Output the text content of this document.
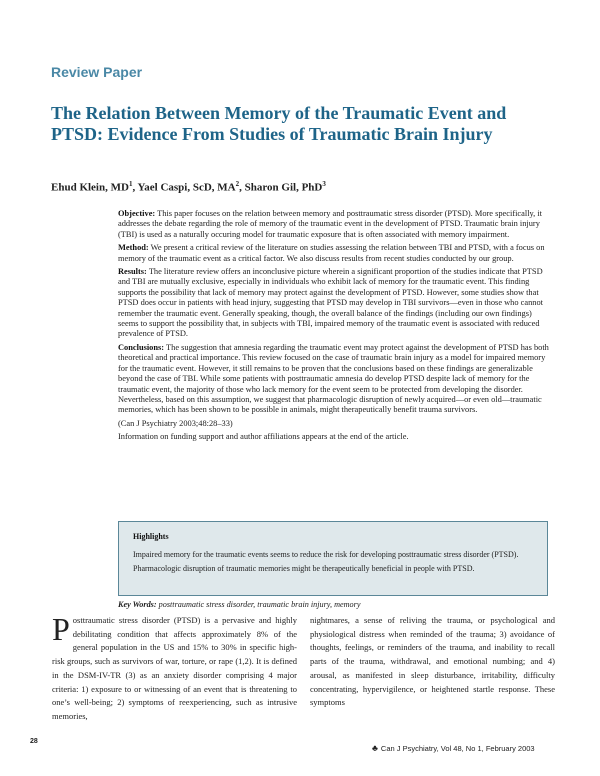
Review Paper
The Relation Between Memory of the Traumatic Event and PTSD: Evidence From Studies of Traumatic Brain Injury
Ehud Klein, $MD^1$, Yael Caspi, ScD, $MA^2$, Sharon Gil, PhD$^3$

Objective: This paper focuses on the relation between memory and posttraumatic stress disorder (PTSD). More specifically, it addresses the debate regarding the role of memory of the traumatic event in the development of PTSD. Traumatic brain injury (TBI) is used as a naturally occuring model for traumatic exposure that is often associated with memory impairment.

Method: We present a critical review of the literature on studies assessing the relation between TBI and PTSD, with a focus on memory of the traumatic event as a critical factor. We also discuss results from recent studies conducted by our group.

Results: The literature review offers an inconclusive picture wherein a significant proportion of the studies indicate that PTSD and TBI are mutually exclusive, especially in individuals who exhibit lack of memory for the traumatic event. This finding supports the possibility that lack of memory may protect against the development of PTSD. However, some studies show that PTSD does occur in patients with head injury, suggesting that PTSD may develop in TBI survivors—even in those who cannot remember the traumatic event. Generally speaking, though, the overall balance of the findings (including our own findings) seems to support the possibility that, in subjects with TBI, impaired memory of the traumatic event is associated with reduced prevalence of PTSD.

Conclusions: The suggestion that amnesia regarding the traumatic event may protect against the development of PTSD has both theoretical and practical importance. This review focused on the case of traumatic brain injury as a model for impaired memory for the traumatic event. However, it still remains to be proven that the conclusions based on these findings are generalizable beyond the case of TBI. While some patients with posttraumatic amnesia do develop PTSD despite lack of memory for the traumatic event, the majority of those who lack memory for the event seem to be protected from developing the disorder. Nevertheless, based on this assumption, we suggest that pharmacologic disruption of newly acquired—or even old—traumatic memories, which has been shown to be possible in animals, might therapeutically benefit trauma survivors.

(Can J Psychiatry 2003;48:28–33)

Information on funding support and author affiliations appears at the end of the article.

Highlights
Impaired memory for the traumatic events seems to reduce the risk for developing posttraumatic stress disorder (PTSD).
Pharmacologic disruption of traumatic memories might be therapeutically beneficial in people with PTSD.
Key Words: posttraumatic stress disorder, traumatic brain injury, memory
Posttraumatic stress disorder (PTSD) is a pervasive and highly debilitating condition that affects approximately 8% of the general population in the US and 15% to 30% in specific high-risk groups, such as survivors of war, torture, or rape (1,2). It is defined in the DSM-IV-TR (3) as an anxiety disorder comprising 4 major criteria: 1) exposure to or witnessing of an event that is threatening to one’s well-being; 2) symptoms of reexperiencing, such as intrusive memories,
nightmares, a sense of reliving the trauma, or psychological and physiological distress when reminded of the trauma; 3) avoidance of thoughts, feelings, or reminders of the trauma, and inability to recall parts of the trauma, withdrawal, and emotional numbing; and 4) arousal, as manifested in sleep disturbance, irritability, difficulty concentrating, hypervigilence, or heightened startle response. These symptoms
28
♣ Can J Psychiatry, Vol 48, No 1, February 2003
